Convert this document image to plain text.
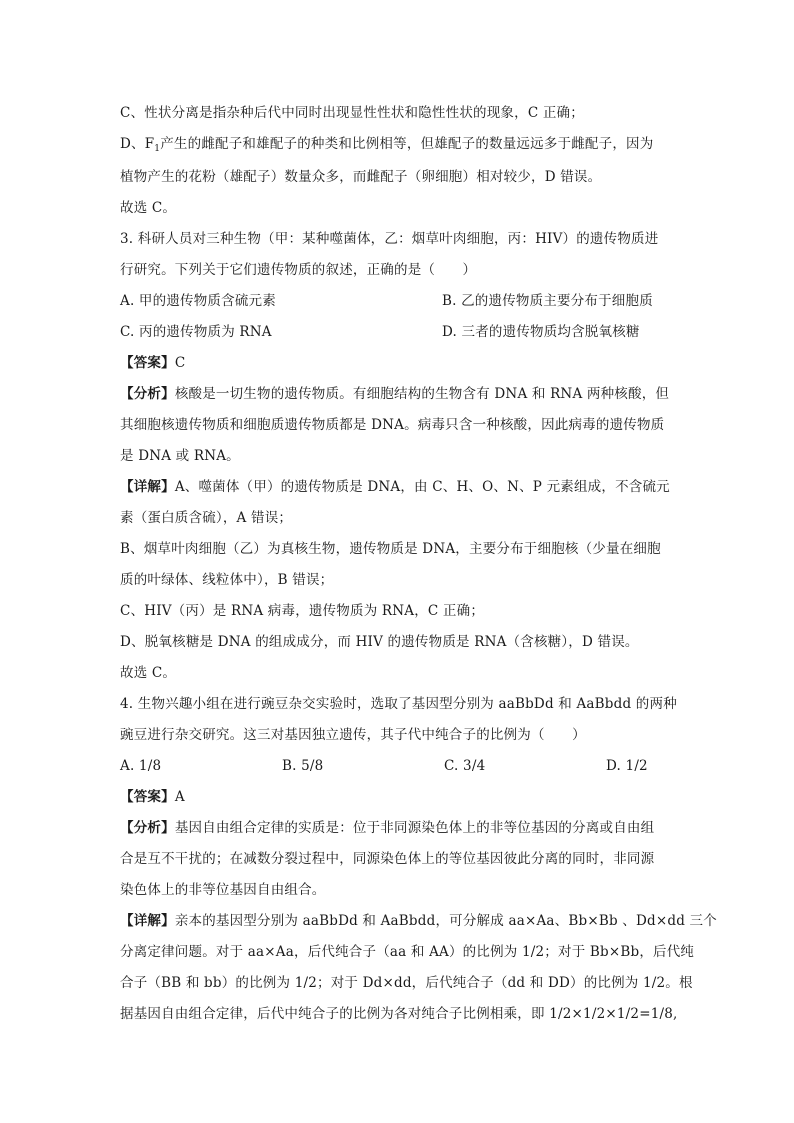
C、性状分离是指杂种后代中同时出现显性性状和隐性性状的现象，C 正确；
D、$F_1$产生的雌配子和雄配子的种类和比例相等，但雄配子的数量远远多于雌配子，因为
植物产生的花粉（雄配子）数量众多，而雌配子（卵细胞）相对较少，D 错误。
故选 C。
3. 科研人员对三种生物（甲：某种噬菌体，乙：烟草叶肉细胞，丙：HIV）的遗传物质进
行研究。下列关于它们遗传物质的叙述，正确的是（　　）
A. 甲的遗传物质含硫元素	B. 乙的遗传物质主要分布于细胞质
C. 丙的遗传物质为 RNA	D. 三者的遗传物质均含脱氧核糖
【答案】C
【分析】核酸是一切生物的遗传物质。有细胞结构的生物含有 DNA 和 RNA 两种核酸，但
其细胞核遗传物质和细胞质遗传物质都是 DNA。病毒只含一种核酸，因此病毒的遗传物质
是 DNA 或 RNA。
【详解】A、噬菌体（甲）的遗传物质是 DNA，由 C、H、O、N、P 元素组成，不含硫元
素（蛋白质含硫），A 错误；
B、烟草叶肉细胞（乙）为真核生物，遗传物质是 DNA，主要分布于细胞核（少量在细胞
质的叶绿体、线粒体中），B 错误；
C、HIV（丙）是 RNA 病毒，遗传物质为 RNA，C 正确；
D、脱氧核糖是 DNA 的组成成分，而 HIV 的遗传物质是 RNA（含核糖），D 错误。
故选 C。
4. 生物兴趣小组在进行豌豆杂交实验时，选取了基因型分别为 aaBbDd 和 AaBbdd 的两种
豌豆进行杂交研究。这三对基因独立遗传，其子代中纯合子的比例为（　　）
A. 1/8	B. 5/8	C. 3/4	D. 1/2
【答案】A
【分析】基因自由组合定律的实质是：位于非同源染色体上的非等位基因的分离或自由组
合是互不干扰的；在减数分裂过程中，同源染色体上的等位基因彼此分离的同时，非同源
染色体上的非等位基因自由组合。
【详解】亲本的基因型分别为 aaBbDd 和 AaBbdd，可分解成 aa×Aa、Bb×Bb 、Dd×dd 三个
分离定律问题。对于 aa×Aa，后代纯合子（aa 和 AA）的比例为 1/2；对于 Bb×Bb，后代纯
合子（BB 和 bb）的比例为 1/2；对于 Dd×dd，后代纯合子（dd 和 DD）的比例为 1/2。根
据基因自由组合定律，后代中纯合子的比例为各对纯合子比例相乘，即 1/2×1/2×1/2=1/8,
